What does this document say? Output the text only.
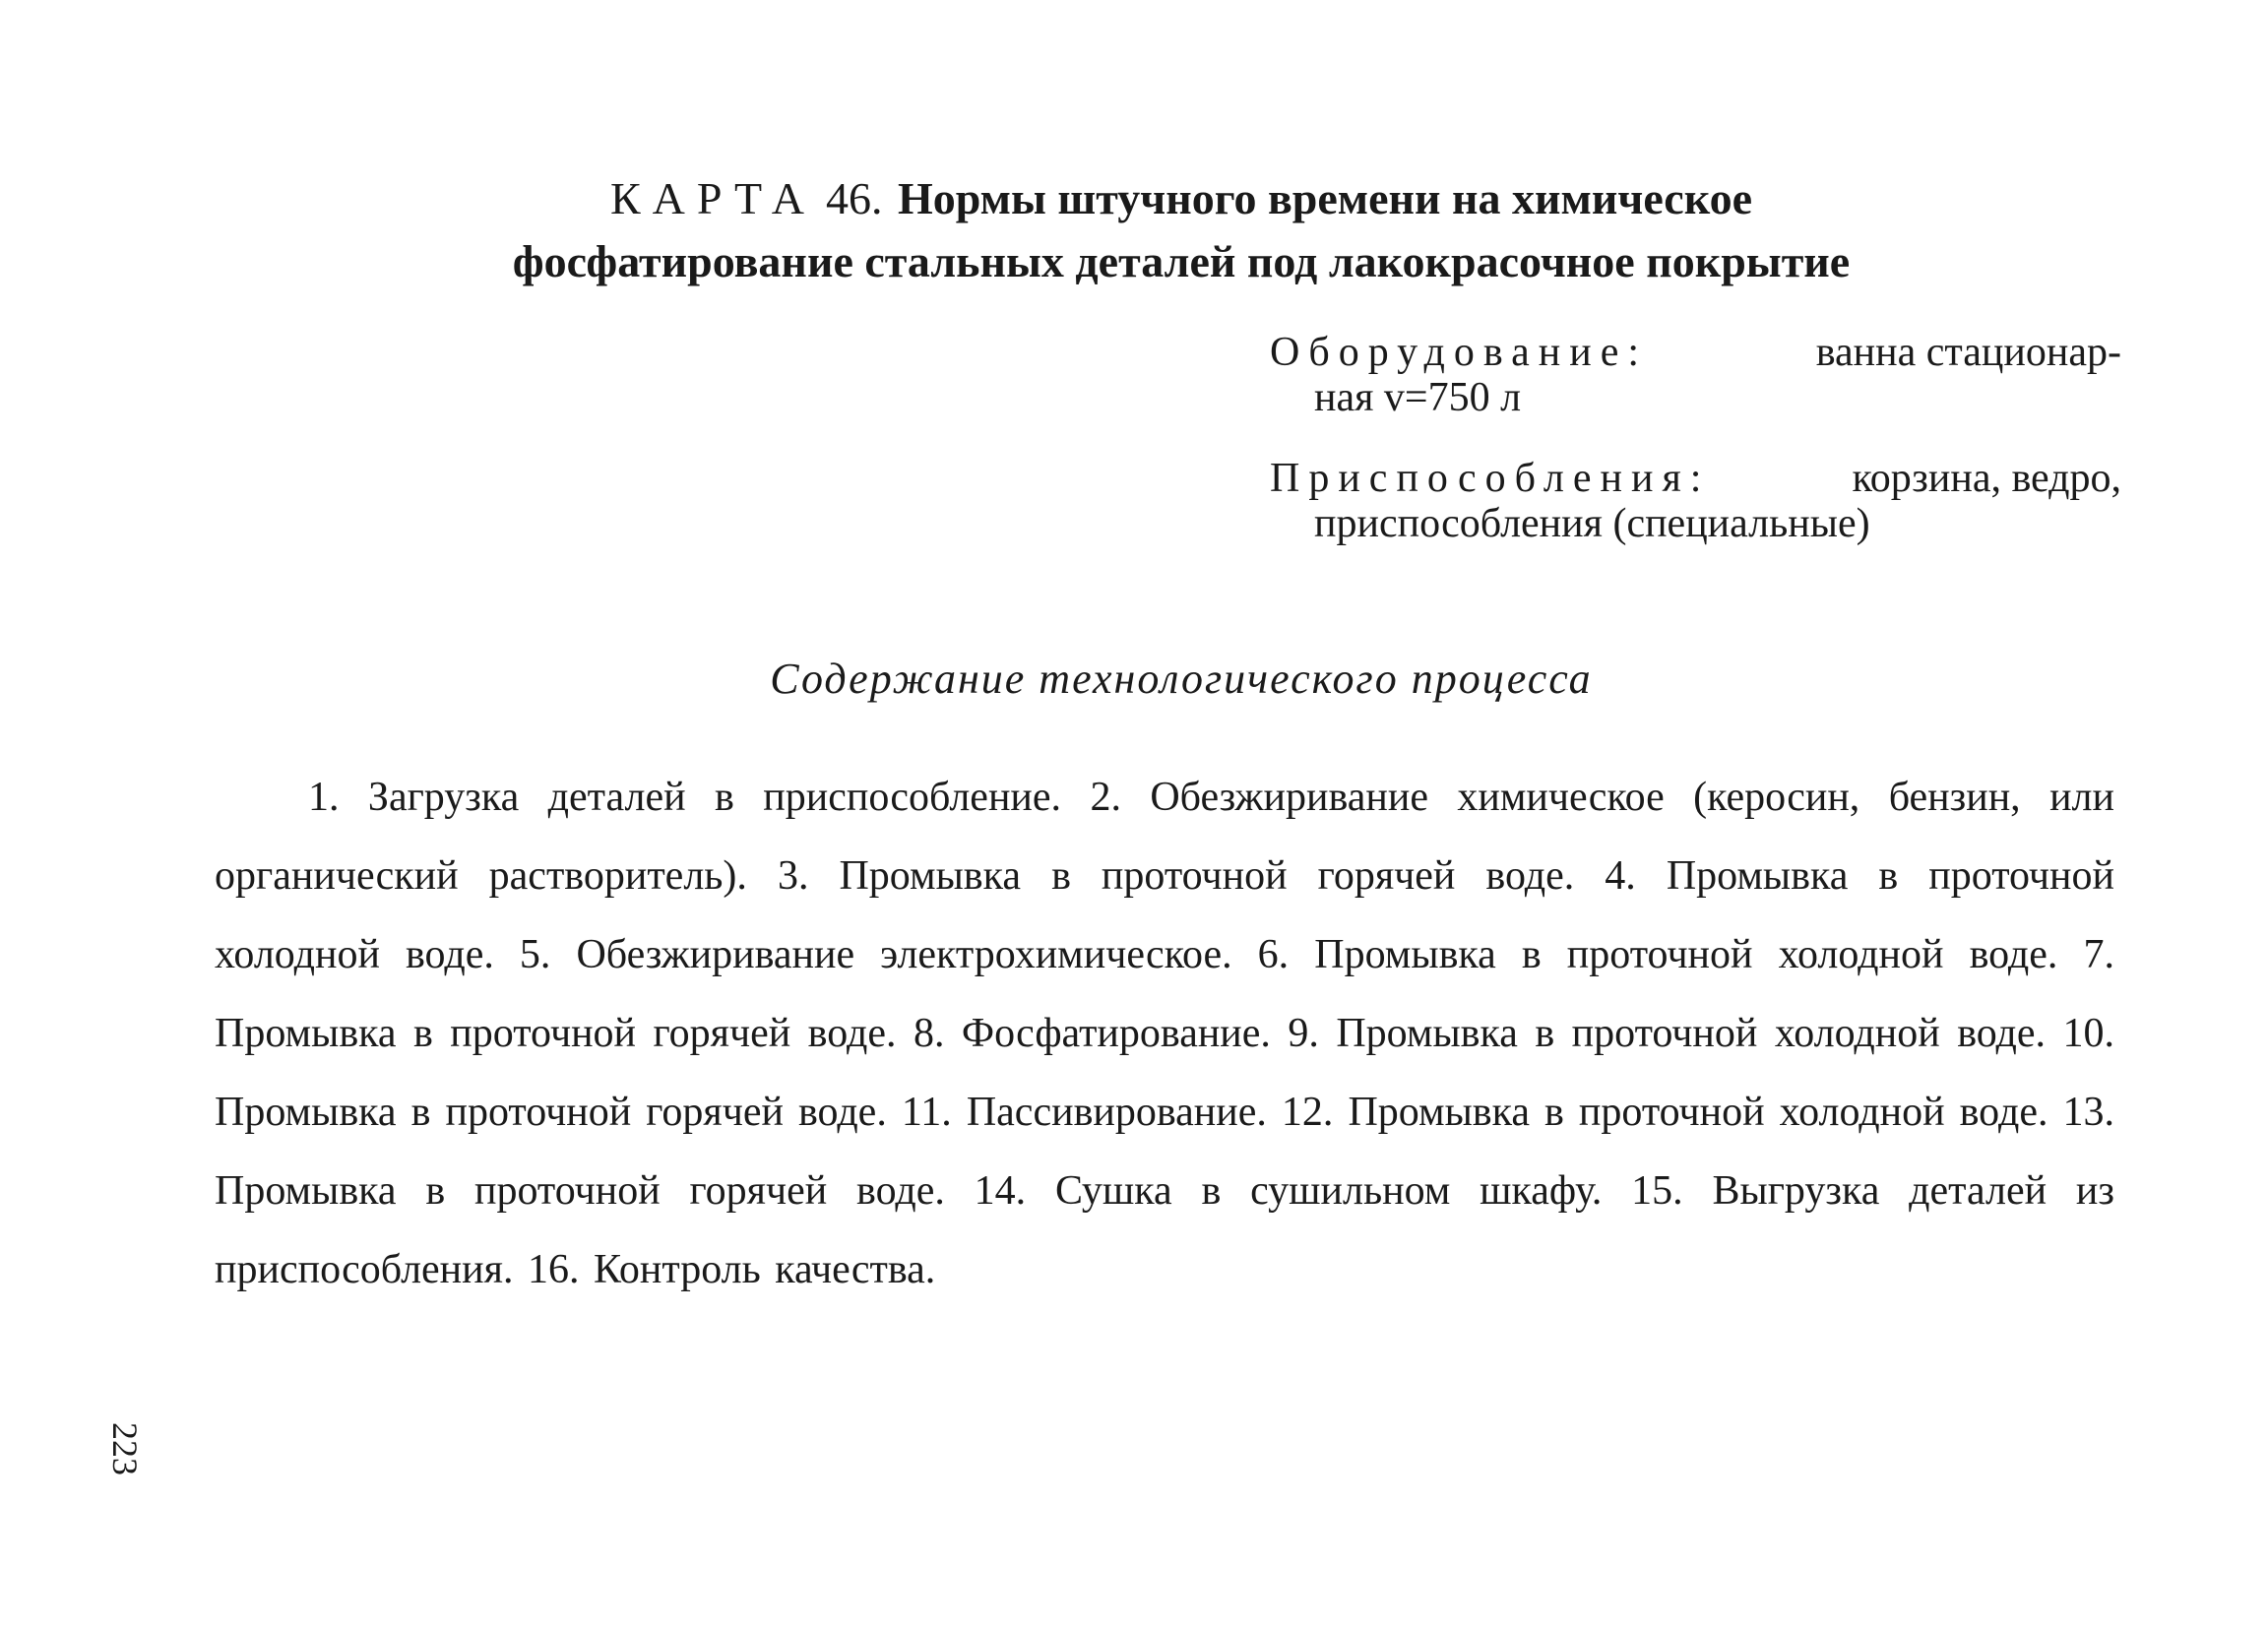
КАРТА 46. Нормы штучного времени на химическое
фосфатирование стальных деталей под лакокрасочное покрытие
Оборудование:	ванна стационар-
ная v=750 л
Приспособления:	корзина, ведро,
приспособления (специальные)
Содержание технологического процесса

1. Загрузка деталей в приспособление. 2. Обезжиривание химическое (керосин, бензин, или органический растворитель). 3. Промывка в проточной горячей воде. 4. Промывка в проточной холодной воде. 5. Обезжиривание электрохимическое. 6. Промывка в проточной холодной воде. 7. Промывка в проточной горячей воде. 8. Фосфатирование. 9. Промывка в проточной холодной воде. 10. Промывка в проточной горячей воде. 11. Пассивирование. 12. Промывка в проточной холодной воде. 13. Промывка в проточной горячей воде. 14. Сушка в сушильном шкафу. 15. Выгрузка деталей из приспособления. 16. Контроль качества.

223
